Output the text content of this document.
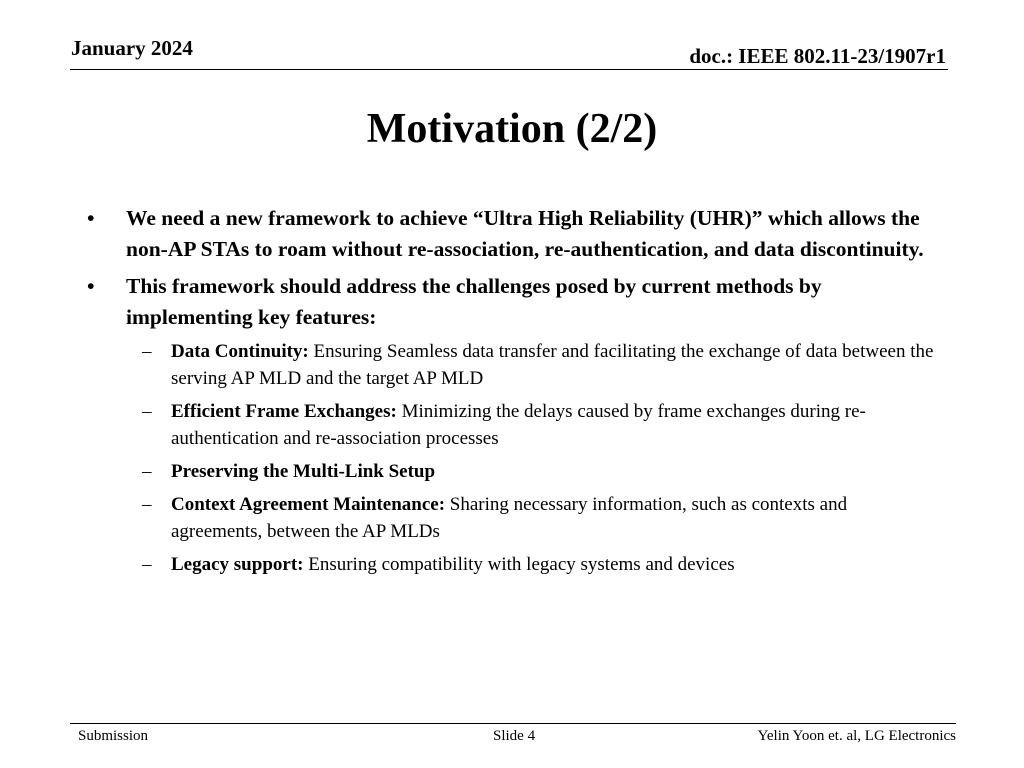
January 2024	doc.: IEEE 802.11-23/1907r1
Motivation (2/2)
• We need a new framework to achieve “Ultra High Reliability (UHR)” which allows the non-AP STAs to roam without re-association, re-authentication, and data discontinuity.
• This framework should address the challenges posed by current methods by implementing key features:
– Data Continuity: Ensuring Seamless data transfer and facilitating the exchange of data between the serving AP MLD and the target AP MLD
– Efficient Frame Exchanges: Minimizing the delays caused by frame exchanges during re-authentication and re-association processes
– Preserving the Multi-Link Setup
– Context Agreement Maintenance: Sharing necessary information, such as contexts and agreements, between the AP MLDs
– Legacy support: Ensuring compatibility with legacy systems and devices
Submission	Slide 4	Yelin Yoon et. al, LG Electronics
